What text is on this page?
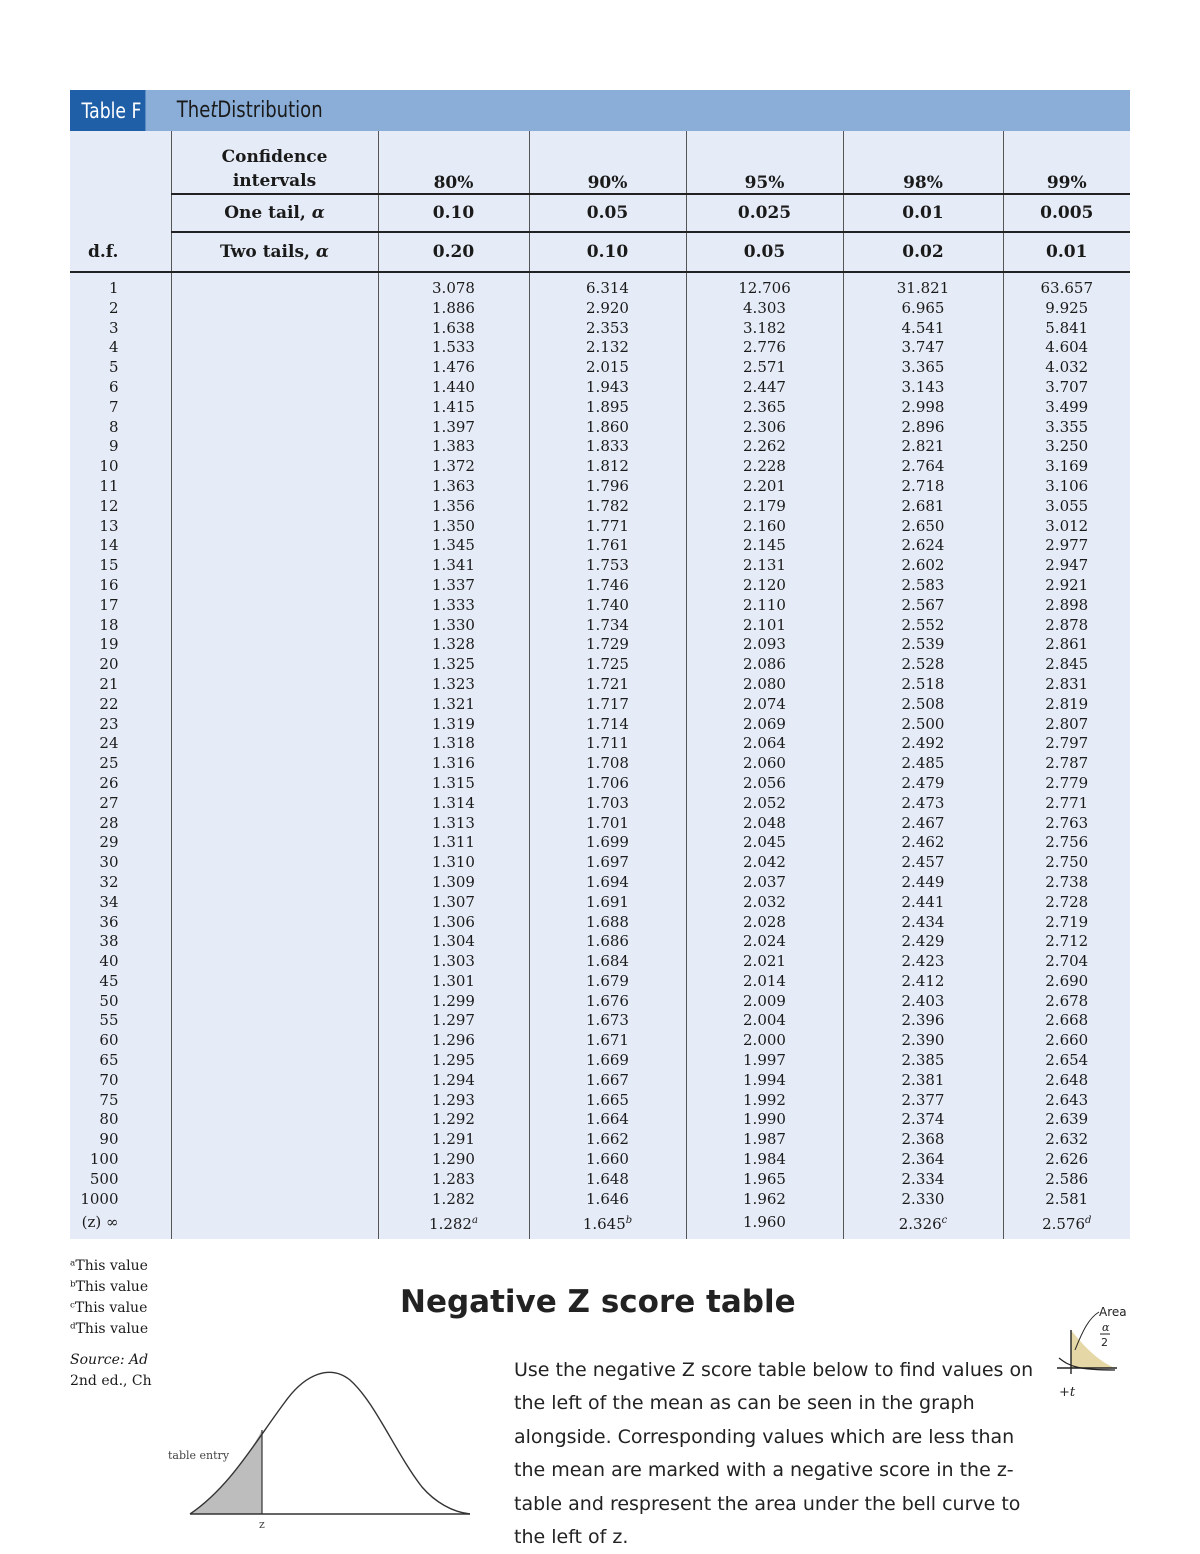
Table F	The t Distribution
	Confidence intervals	80%	90%	95%	98%	99%
	One tail, α	0.10	0.05	0.025	0.01	0.005
d.f.	Two tails, α	0.20	0.10	0.05	0.02	0.01
1		3.078	6.314	12.706	31.821	63.657
2		1.886	2.920	4.303	6.965	9.925
3		1.638	2.353	3.182	4.541	5.841
4		1.533	2.132	2.776	3.747	4.604
5		1.476	2.015	2.571	3.365	4.032
6		1.440	1.943	2.447	3.143	3.707
7		1.415	1.895	2.365	2.998	3.499
8		1.397	1.860	2.306	2.896	3.355
9		1.383	1.833	2.262	2.821	3.250
10		1.372	1.812	2.228	2.764	3.169
11		1.363	1.796	2.201	2.718	3.106
12		1.356	1.782	2.179	2.681	3.055
13		1.350	1.771	2.160	2.650	3.012
14		1.345	1.761	2.145	2.624	2.977
15		1.341	1.753	2.131	2.602	2.947
16		1.337	1.746	2.120	2.583	2.921
17		1.333	1.740	2.110	2.567	2.898
18		1.330	1.734	2.101	2.552	2.878
19		1.328	1.729	2.093	2.539	2.861
20		1.325	1.725	2.086	2.528	2.845
21		1.323	1.721	2.080	2.518	2.831
22		1.321	1.717	2.074	2.508	2.819
23		1.319	1.714	2.069	2.500	2.807
24		1.318	1.711	2.064	2.492	2.797
25		1.316	1.708	2.060	2.485	2.787
26		1.315	1.706	2.056	2.479	2.779
27		1.314	1.703	2.052	2.473	2.771
28		1.313	1.701	2.048	2.467	2.763
29		1.311	1.699	2.045	2.462	2.756
30		1.310	1.697	2.042	2.457	2.750
32		1.309	1.694	2.037	2.449	2.738
34		1.307	1.691	2.032	2.441	2.728
36		1.306	1.688	2.028	2.434	2.719
38		1.304	1.686	2.024	2.429	2.712
40		1.303	1.684	2.021	2.423	2.704
45		1.301	1.679	2.014	2.412	2.690
50		1.299	1.676	2.009	2.403	2.678
55		1.297	1.673	2.004	2.396	2.668
60		1.296	1.671	2.000	2.390	2.660
65		1.295	1.669	1.997	2.385	2.654
70		1.294	1.667	1.994	2.381	2.648
75		1.293	1.665	1.992	2.377	2.643
80		1.292	1.664	1.990	2.374	2.639
90		1.291	1.662	1.987	2.368	2.632
100		1.290	1.660	1.984	2.364	2.626
500		1.283	1.648	1.965	2.334	2.586
1000		1.282	1.646	1.962	2.330	2.581
(z) ∞		1.282$^a$	1.645$^b$	1.960	2.326$^c$	2.576$^d$
ᵃThis value
ᵇThis value
ᶜThis value
ᵈThis value
Source: Ad
2nd ed., Ch
Negative Z score table
Use the negative Z score table below to find values on the left of the mean as can be seen in the graph alongside. Corresponding values which are less than the mean are marked with a negative score in the z-table and respresent the area under the bell curve to the left of z.
table entry
z
Area
α
2
+t
